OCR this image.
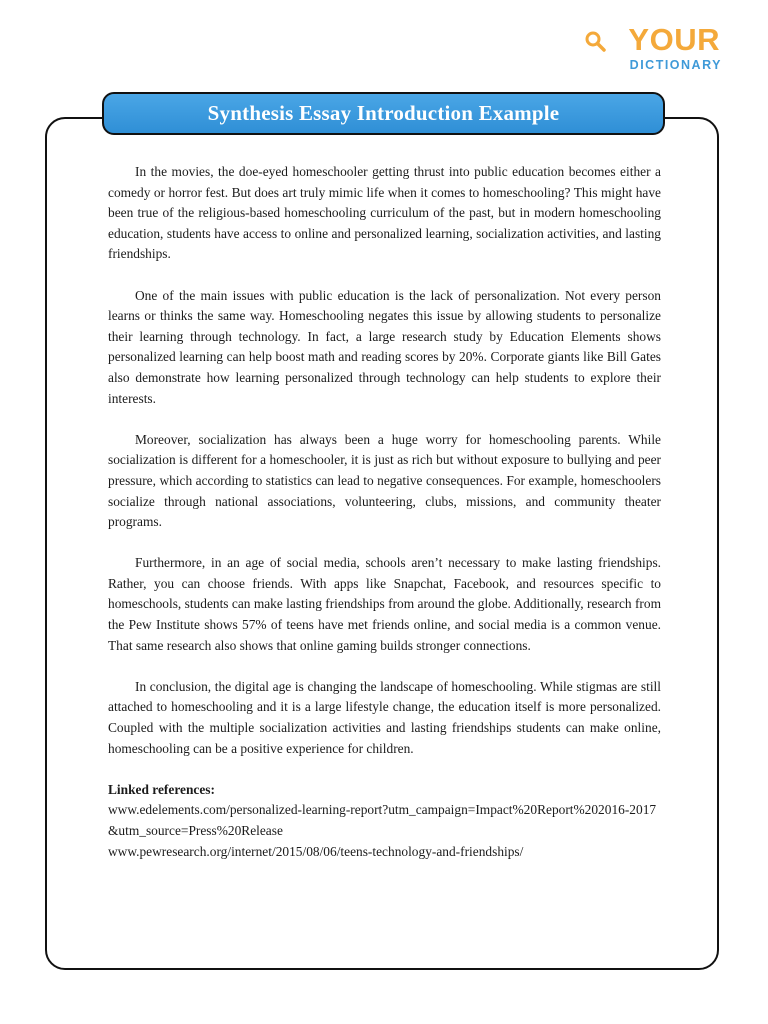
YOUR
DICTIONARY
Synthesis Essay Introduction Example

In the movies, the doe-eyed homeschooler getting thrust into public education becomes either a comedy or horror fest. But does art truly mimic life when it comes to homeschooling? This might have been true of the religious-based homeschooling curriculum of the past, but in modern homeschooling education, students have access to online and personalized learning, socialization activities, and lasting friendships.

One of the main issues with public education is the lack of personalization. Not every person learns or thinks the same way. Homeschooling negates this issue by allowing students to personalize their learning through technology. In fact, a large research study by Education Elements shows personalized learning can help boost math and reading scores by 20%. Corporate giants like Bill Gates also demonstrate how learning personalized through technology can help students to explore their interests.

Moreover, socialization has always been a huge worry for homeschooling parents. While socialization is different for a homeschooler, it is just as rich but without exposure to bullying and peer pressure, which according to statistics can lead to negative consequences. For example, homeschoolers socialize through national associations, volunteering, clubs, missions, and community theater programs.

Furthermore, in an age of social media, schools aren’t necessary to make lasting friendships. Rather, you can choose friends. With apps like Snapchat, Facebook, and resources specific to homeschools, students can make lasting friendships from around the globe. Additionally, research from the Pew Institute shows 57% of teens have met friends online, and social media is a common venue. That same research also shows that online gaming builds stronger connections.

In conclusion, the digital age is changing the landscape of homeschooling. While stigmas are still attached to homeschooling and it is a large lifestyle change, the education itself is more personalized. Coupled with the multiple socialization activities and lasting friendships students can make online, homeschooling can be a positive experience for children.

Linked references:

www.edelements.com/personalized-learning-report?utm_campaign=Impact%20Report%202016-2017&utm_source=Press%20Release

www.pewresearch.org/internet/2015/08/06/teens-technology-and-friendships/
